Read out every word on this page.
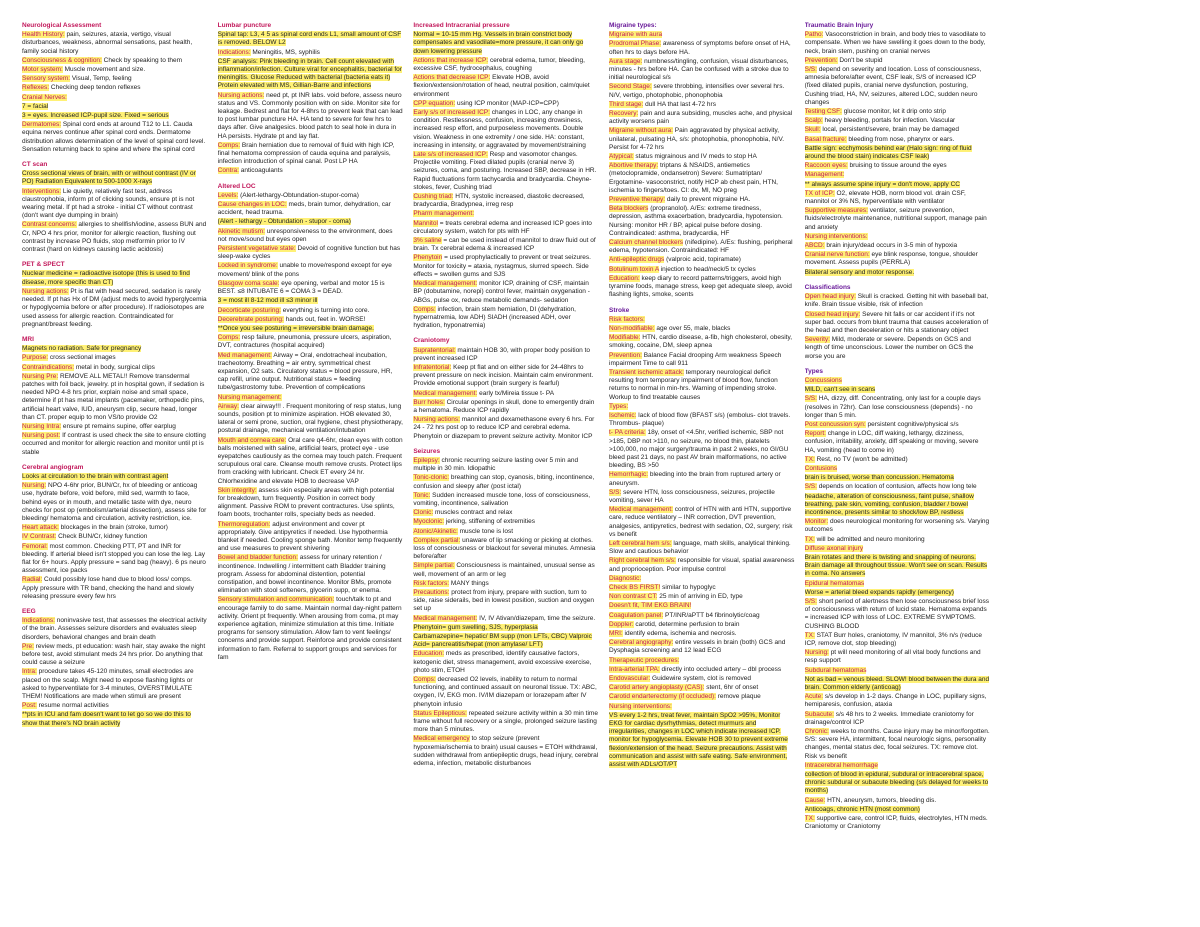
Neurological Assessment
Health History: pain, seizures, ataxia, vertigo, visual disturbances, weakness, abnormal sensations, past health, family social history
Consciousness & cognition: Check by speaking to them
Motor system: Muscle movement and size.
Sensory system: Visual, Temp, feeling
Reflexes: Checking deep tendon reflexes
Cranial Nerves:
7 = facial
3 = eyes. Increased ICP-pupil size. Fixed = serious
Dermatomes: Spinal cord ends at around T12 to L1. Cauda equina nerves continue after spinal cord ends. Dermatome distribution allows determination of the level of spinal cord level. Sensation returning back to spine and where the spinal cord
CT scan
Cross sectional views of brain, with or without contrast (IV or PO) Radiation Equivalent to 500-1000 X-rays
Interventions: Lie quietly, relatively fast test, address claustrophobia, inform pt of clicking sounds, ensure pt is not wearing metal. If pt had a stroke - initial CT without contrast (don't want dye dumping in brain)
Contrast concerns: allergies to shellfish/iodine, assess BUN and Cr, NPO 4 hrs prior, monitor for allergic reaction, flushing out contrast by increase PO fluids, stop metformin prior to IV contrast (hard on kidneys causing lactic acidosis)
PET & SPECT
Nuclear medicine = radioactive isotope (this is used to find disease, more specific than CT)
Nursing actions: Pt is flat with head secured, sedation is rarely needed. If pt has Hx of DM (adjust meds to avoid hyperglycemia or hypoglycemia before or after procedure). If radioisotopes are used assess for allergic reaction. Contraindicated for pregnant/breast feeding.
MRI
Magnets no radiation. Safe for pregnancy
Purpose: cross sectional images
Contraindications: metal in body, surgical clips
Nursing Pre: REMOVE ALL METAL!! Remove transdermal patches with foil back, jewelry. pt in hospital gown, if sedation is needed NPO 4-8 hrs prior, explain noise and small space, determine if pt has metal implants (pacemaker, orthopedic pins, artificial heart valve, IUD, aneurysm clip, secure head, longer than CT. proper equip to mon VS/to provide O2
Nursing Intra: ensure pt remains supine, offer earplug
Nursing post: If contrast is used check the site to ensure clotting occurred and monitor for allergic reaction and monitor until pt is stable
Cerebral angiogram
Looks at circulation to the brain with contrast agent
Nursing: NPO 4-6hr prior, BUN/Cr, hx of bleeding or anticoag use, hydrate before, void before, mild sed, warmth to face, behind eyes or in mouth, and metallic taste with dye, neuro checks for post op (embolism/arterial dissection), assess site for bleeding/ hematoma and circulation, activity restriction, ice.
Heart attack: blockages in the brain (stroke, tumor)
IV Contrast: Check BUN/Cr, kidney function
Femoral: most common. Checking PTT, PT and INR for bleeding. If arterial bleed isn't stopped you can lose the leg. Lay flat for 6+ hours. Apply pressure = sand bag (heavy). 6 ps neuro assessment, ice packs
Radial: Could possibly lose hand due to blood loss/ comps. Apply pressure with TR band, checking the hand and slowly releasing pressure every few hrs
EEG
Indications: noninvasive test, that assesses the electrical activity of the brain. Assesses seizure disorders and evaluates sleep disorders, behavioral changes and brain death
Pre: review meds, pt education: wash hair, stay awake the night before test, avoid stimulant meds 24 hrs prior. Do anything that could cause a seizure
Intra: procedure takes 45-120 minutes, small electrodes are placed on the scalp. Might need to expose flashing lights or asked to hyperventilate for 3-4 minutes, OVERSTIMULATE THEM! Notifications are made when stimuli are present
Post: resume normal activities
**pts in ICU and fam doesn't want to let go so we do this to show that there's NO brain activity
Lumbar puncture
Spinal tap: L3, 4 5 as spinal cord ends L1, small amount of CSF is removed. BELOW L2
Indications: Meningitis, MS, syphilis
CSF analysis: Pink bleeding in brain. Cell count elevated with inflammation/infection. Culture viral for encephalitis, bacterial for meningitis. Glucose Reduced with bacterial (bacteria eats it) Protein elevated with MS, Gillian-Barre and infections
Nursing actions: need pt, pt INR labs. void before, assess neuro status and VS. Commonly position with on side. Monitor site for leakage. Bedrest and flat for 4-8hrs to prevent leak that can lead to post lumbar puncture HA. HA tend to severe for few hrs to days after. Give analgesics. blood patch to seal hole in dura in HA persists. Hydrate pt and lay flat.
Comps: Brain herniation due to removal of fluid with high ICP, final hematoma compression of cauda equina and paralysis, infection introduction of spinal canal. Post LP HA
Contra: anticoagulants
Altered LOC
Levels: (Alert-lethargy-Obtundation-stupor-coma)
Cause changes in LOC: meds, brain tumor, dehydration, car accident, head trauma.
(Alert - lethargy - Obtundation - stupor - coma)
Akinetic mutism: unresponsiveness to the environment, does not move/sound but eyes open
Persistent vegetative state: Devoid of cognitive function but has sleep-wake cycles
Locked in syndrome: unable to move/respond except for eye movement/ blink of the pons
Glasgow coma scale: eye opening, verbal and motor 15 is BEST. ≤8 INTUBATE 6 = COMA 3 = DEAD.
3 = most ill 8-12 mod ill ≤3 minor ill
Decorticate posturing: everything is turning into core.
Decerebrate posturing: hands out, feet in. WORSE!
**Once you see posturing = irreversible brain damage.
Comps: resp failure, pneumonia, pressure ulcers, aspiration, DVT, contractures (hospital acquired)
Med management: Airway = Oral, endotracheal incubation, tracheotomy. Breathing = air entry, symmetrical chest expansion, O2 sats. Circulatory status = blood pressure, HR, cap refill, urine output. Nutritional status = feeding tube/gastrostomy tube. Prevention of complications
Nursing management:
Airway: clear airway!!! . Frequent monitoring of resp status, lung sounds, position pt to minimize aspiration. HOB elevated 30, lateral or semi prone, suction, oral hygiene, chest physiotherapy, postural drainage, mechanical ventilation/intubation
Mouth and cornea care: Oral care q4-6hr, clean eyes with cotton balls moistened with saline, artificial tears, protect eye - use eyepatches cautiously as the cornea may touch patch. Frequent scrupulous oral care. Cleanse mouth remove crusts. Protect lips from cracking with lubricant. Check ET every 24 hr. Chlorhexidine and elevate HOB to decrease VAP
Skin integrity: assess skin especially areas with high potential for breakdown, turn frequently. Position in correct body alignment. Passive ROM to prevent contractures. Use splints, foam boots, trochanter rolls, specialty beds as needed.
Thermoregulation: adjust environment and cover pt appropriately. Give antipyretics if needed. Use hypothermia blanket if needed. Cooling sponge bath. Monitor temp frequently and use measures to prevent shivering
Bowel and bladder function: assess for urinary retention / incontinence. Indwelling / intermittent cath Bladder training program. Assess for abdominal distention, potential constipation, and bowel incontinence. Monitor BMs, promote elimination with stool softeners, glycerin supp, or enema.
Sensory stimulation and communication: touch/talk to pt and encourage family to do same. Maintain normal day-night pattern activity. Orient pt frequently. When arousing from coma, pt may experience agitation, minimize stimulation at this time. Initiate programs for sensory stimulation. Allow fam to vent feelings/ concerns and provide support. Reinforce and provide consistent information to fam. Referral to support groups and services for fam
Increased Intracranial pressure
Normal = 10-15 mm Hg. Vessels in brain constrict body compensates and vasodilate=more pressure, it can only go down lowering pressure
Actions that increase ICP: cerebral edema, tumor, bleeding, excessive CSF, hydrocephalus, coughing
Actions that decrease ICP: Elevate HOB, avoid flexion/extension/rotation of head, neutral position, calm/quiet environment
CPP equation: using ICP monitor (MAP-ICP=CPP)
Early s/s of increased ICP: changes in LOC, any change in condition. Restlessness, confusion, increasing drowsiness, increased resp effort, and purposeless movements. Double vision. Weakness in one extremity / one side. HA: constant, increasing in intensity, or aggravated by movement/straining
Late s/s of increased ICP: Resp and vasomotor changes. Projectile vomiting. Fixed dilated pupils (cranial nerve 3) seizures, coma, and posturing. Increased SBP, decrease in HR. Rapid fluctuations form tachycardia and bradycardia. Cheyne-stokes, fever, Cushing triad
Cushing triad: HTN, systolic increased, diastolic decreased, bradycardia, Bradypnea, irreg resp
Pharm management:
Mannitol = treats cerebral edema and increased ICP goes into circulatory system, watch for pts with HF
3% saline = can be used instead of mannitol to draw fluid out of brain. Tx cerebral edema & increased ICP
Phenytoin = used prophylactically to prevent or treat seizures. Monitor for toxicity = ataxia, nystagmus, slurred speech. Side effects = swollen gums and SJS
Medical management: monitor ICP, draining of CSF, maintain BP (dobutamine, norepi) control fever, maintain oxygenation - ABGs, pulse ox, reduce metabolic demands- sedation
Comps: infection, brain stem herniation, DI (dehydration, hypernatremia, low ADH) SIADH (increased ADH, over hydration, hyponatremia)
Craniotomy
Supratentorial: maintain HOB 30, with proper body position to prevent increased ICP
Infratentorial: Keep pt flat and on either side for 24-48hrs to prevent pressure on neck incision. Maintain calm environment. Provide emotional support (brain surgery is fearful)
Medical management: early tx/Mireia tissue t- PA
Burr holes: Circular openings in skull, done to emergently drain a hematoma. Reduce ICP rapidly
Nursing actions: mannitol and dexamethasone every 6 hrs. For 24 - 72 hrs post op to reduce ICP and cerebral edema. Phenytoin or diazepam to prevent seizure activity. Monitor ICP
Seizures
Epilepsy: chronic recurring seizure lasting over 5 min and multiple in 30 min. Idiopathic
Tonic-clonic: breathing can stop, cyanosis, biting, incontinence, confusion and sleepy after (post ictal)
Tonic: Sudden increased muscle tone, loss of consciousness, vomiting, incontinence, salivation
Clonic: muscles contract and relax
Myoclonic: jerking, stiffening of extremities
Atonic/Akinetic: muscle tone is lost
Complex partial: unaware of lip smacking or picking at clothes. loss of consciousness or blackout for several minutes. Amnesia before/after
Simple partial: Consciousness is maintained, unusual sense as well, movement of an arm or leg
Risk factors: MANY things
Precautions: protect from injury, prepare with suction, turn to side, raise siderails, bed in lowest position, suction and oxygen set up
Medical management: IV, IV Ativan/diazepam, time the seizure.
Phenytoin= gum swelling, SJS, hyperplasia
Carbamazepine= hepatic/ BM supp (mon LFTs, CBC) Valproic Acid= pancreatitis/hepat (mon amylase/ LFT)
Education: meds as prescribed, identify causative factors, ketogenic diet, stress management, avoid excessive exercise, photo stim, ETOH
Comps: decreased O2 levels, inability to return to normal functioning, and continued assault on neuronal tissue. TX: ABC, oxygen, IV, EKG mon. IV/IM diazepam or lorazepam after IV phenytoin infusio
Status Epilepticus: repeated seizure activity within a 30 min time frame without full recovery or a single, prolonged seizure lasting more than 5 minutes.
Medical emergency to stop seizure (prevent hypoxemia/ischemia to brain) usual causes = ETOH withdrawal, sudden withdrawal from antiepileptic drugs, head injury, cerebral edema, infection, metabolic disturbances
Migraine types:
Migraine with aura
Prodromal Phase: awareness of symptoms before onset of HA, often hrs to days before HA.
Aura stage: numbness/tingling, confusion, visual disturbances, minutes - hrs before HA. Can be confused with a stroke due to initial neurological s/s
Second Stage: severe throbbing, intensifies over several hrs. N/V, vertigo, photophobic, phonophobia
Third stage: dull HA that last 4-72 hrs
Recovery: pain and aura subsiding, muscles ache, and physical activity worsens pain
Migraine without aura: Pain aggravated by physical activity, unilateral, pulsating HA, s/s: photophobia, phonophobia, N/V. Persist for 4-72 hrs
Atypical: status migrainous and IV meds to stop HA
Abortive therapy: triptans & NSAIDS, antiemetics (metoclopramide, ondansetron) Severe: Sumatriptan/ Ergotamine- vasoconstrict, notify HCP ab chest pain, HTN, ischemia to fingers/toes. CI: dx, MI, NO preg
Preventive therapy: daily to prevent migraine HA.
Beta blockers (propranolol). A/Es: extreme tiredness, depression, asthma exacerbation, bradycardia, hypotension. Nursing: monitor HR / BP, apical pulse before dosing. Contraindicated: asthma, bradycardia, HF
Calcium channel blockers (nifedipine). A/Es: flushing, peripheral edema, hypotension. Contraindicated: HF
Anti-epileptic drugs (valproic acid, topiramate)
Botulinum toxin A injection to head/neck/5 tx cycles
Education: keep diary to record patterns/triggers, avoid high tyramine foods, manage stress, keep get adequate sleep, avoid flashing lights, smoke, scents
Stroke
Risk factors:
Non-modifiable: age over 55, male, blacks
Modifiable: HTN, cardio disease, a-fib, high cholesterol, obesity, smoking, cocaine, DM, sleep apnea
Prevention: Balance Facial drooping Arm weakness Speech impairment Time to call 911
Transient ischemic attack: temporary neurological deficit resulting from temporary impairment of blood flow, function returns to normal in min-hrs. Warning of impending stroke. Workup to find treatable causes
Types:
Ischemic: lack of blood flow (BFAST s/s) (embolus- clot travels. Thrombus- plaque)
t- PA criteria: 18y, onset of <4.5hr, verified ischemic, SBP not >185, DBP not >110, no seizure, no blood thin, platelets >100,000, no major surgery/trauma in past 2 weeks, no GI/GU bleed past 21 days, no past AV brain malformations, no active bleeding, BS >50
Hemorrhagic: bleeding into the brain from ruptured artery or aneurysm.
S/S: severe HTN, loss consciousness, seizures, projectile vomiting, sever HA
Medical management: control of HTN with anti HTN, supportive care, reduce ventilatory – INR correction, DVT prevention, analgesics, antipyretics, bedrest with sedation, O2, surgery; risk vs benefit
Left cerebral hem s/s: language, math skills, analytical thinking. Slow and cautious behavior
Right cerebral hem s/s: responsible for visual, spatial awareness and proprioception. Poor impulse control
Diagnostic:
Check BS FIRST! similar to hypoglyc
Non contrast CT: 25 min of arriving in ED, type
Doesn't fit, TIM EKG BRAIN!
Coagulation panel: PT/INR/aPTT b4 fibrinolytic/coag
Doppler: carotid, determine perfusion to brain
MRI: identify edema, ischemia and necrosis.
Cerebral angiography: entire vessels in brain (both) GCS and Dysphagia screening and 12 lead ECG
Therapeutic procedures:
Intra-arterial TPA: directly into occluded artery – dbl process
Endovascular: Guidewire system, clot is removed
Carotid artery angioplasty (CAS): stent, 6hr of onset
Carotid endarterectomy (if occluded): remove plaque
Nursing interventions:
VS every 1-2 hrs, treat fever, maintain SpO2 >95%, Monitor EKG for cardiac dysrhythmias, detect murmurs and irregularities, changes in LOC which indicate increased ICP. monitor for hypoglycemia. Elevate HOB 30 to prevent extreme flexion/extension of the head. Seizure precautions. Assist with communication and assist with safe eating. Safe environment, assist with ADLs/OT/PT
Traumatic Brain Injury
Patho: Vasoconstriction in brain, and body tries to vasodilate to compensate. When we have swelling it goes down to the body, neck, brain stem, pushing on cranial nerves
Prevention: Don't be stupid
S/S: depend on severity and location. Loss of consciousness, amnesia before/after event, CSF leak, S/S of increased ICP (fixed dilated pupils, cranial nerve dysfunction, posturing, Cushing triad, HA, NV, seizures, altered LOC, sudden neuro changes
Testing CSF: glucose monitor, let it drip onto strip
Scalp: heavy bleeding, portals for infection. Vascular
Skull: local, persistent/severe, brain may be damaged
Basal fracture: bleeding from nose, pharynx or ears.
Battle sign: ecchymosis behind ear (Halo sign: ring of fluid around the blood stain) indicates CSF leak)
Raccoon eyes: bruising to tissue around the eyes
Management:
** always assume spine injury = don't move, apply CC
TX of ICP: O2, elevate HOB, norm blood vol. drain CSF, mannitol or 3% NS, hyperventilate with ventilator
Supportive measures: ventilator, seizure prevention, fluids/electrolyte maintenance, nutritional support, manage pain and anxiety
Nursing interventions:
ABCD: brain injury/dead occurs in 3-5 min of hypoxia
Cranial nerve function: eye blink response, tongue, shoulder movement. Assess pupils (PERRLA)
Bilateral sensory and motor response.
Classifications
Open head injury: Skull is cracked. Getting hit with baseball bat, knife. Brain tissue visible, risk of infection
Closed head injury: Severe hit falls or car accident if it's not super bad. occurs from blunt trauma that causes acceleration of the head and then deceleration or hits a stationary object
Severity: Mild, moderate or severe. Depends on GCS and length of time unconscious. Lower the number on GCS the worse you are
Types
Concussions
MILD, can't see in scans
S/S: HA, dizzy, diff. Concentrating, only last for a couple days (resolves in 72hr). Can lose consciousness (depends) - no longer than 5 min.
Post concussion syn: persistent cognitive/physical s/s
Report: change in LOC, diff waking, lethargy, dizziness, confusion, irritability, anxiety, diff speaking or moving, severe HA, vomiting (head to come in)
TX: Rest, no TV (won't be admitted)
Contusions
brain is bruised, worse than concussion. Hematoma
S/S: depends on location of contusion, affects how long tele
headache, alteration of consciousness, faint pulse, shallow breathing, pale skin, vomiting, confusion, bladder / bowel incontinence, presents similar to shock/low BP, restless
Monitor: does neurological monitoring for worsening s/s. Varying outcomes
TX: will be admitted and neuro monitoring
Diffuse axonal injury
Brain rotates and there is twisting and snapping of neurons. Brain damage all throughout tissue. Won't see on scan. Results in coma. No answers
Epidural hematomas
Worse = arterial bleed expands rapidly (emergency)
S/S: short period of alertness then lose consciousness brief loss of consciousness with return of lucid state. Hematoma expands = increased ICP with loss of LOC. EXTREME SYMPTOMS. CUSHING BLOOD
TX: STAT Burr holes, craniotomy, IV mannitol, 3% n/s (reduce ICP, remove clot, stop bleeding)
Nursing: pt will need monitoring of all vital body functions and resp support
Subdural hematomas
Not as bad = venous bleed. SLOW! blood between the dura and brain. Common elderly (anticoag)
Acute: s/s develop in 1-2 days. Change in LOC, pupillary signs, hemiparesis, confusion, ataxia
Subacute: s/s 48 hrs to 2 weeks. Immediate craniotomy for drainage/control ICP
Chronic: weeks to months. Cause injury may be minor/forgotten. S/S: severe HA, intermittent, focal neurologic signs, personality changes, mental status dec, focal seizures. TX: remove clot. Risk vs benefit
Intracerebral hemorrhage
collection of blood in epidural, subdural or intracerebral space, chronic subdural or subacute bleeding (s/s delayed for weeks to months)
Cause: HTN, aneurysm, tumors, bleeding dis.
Anticoags, chronic HTN (most common)
TX: supportive care, control ICP, fluids, electrolytes, HTN meds. Craniotomy or Craniotomy
